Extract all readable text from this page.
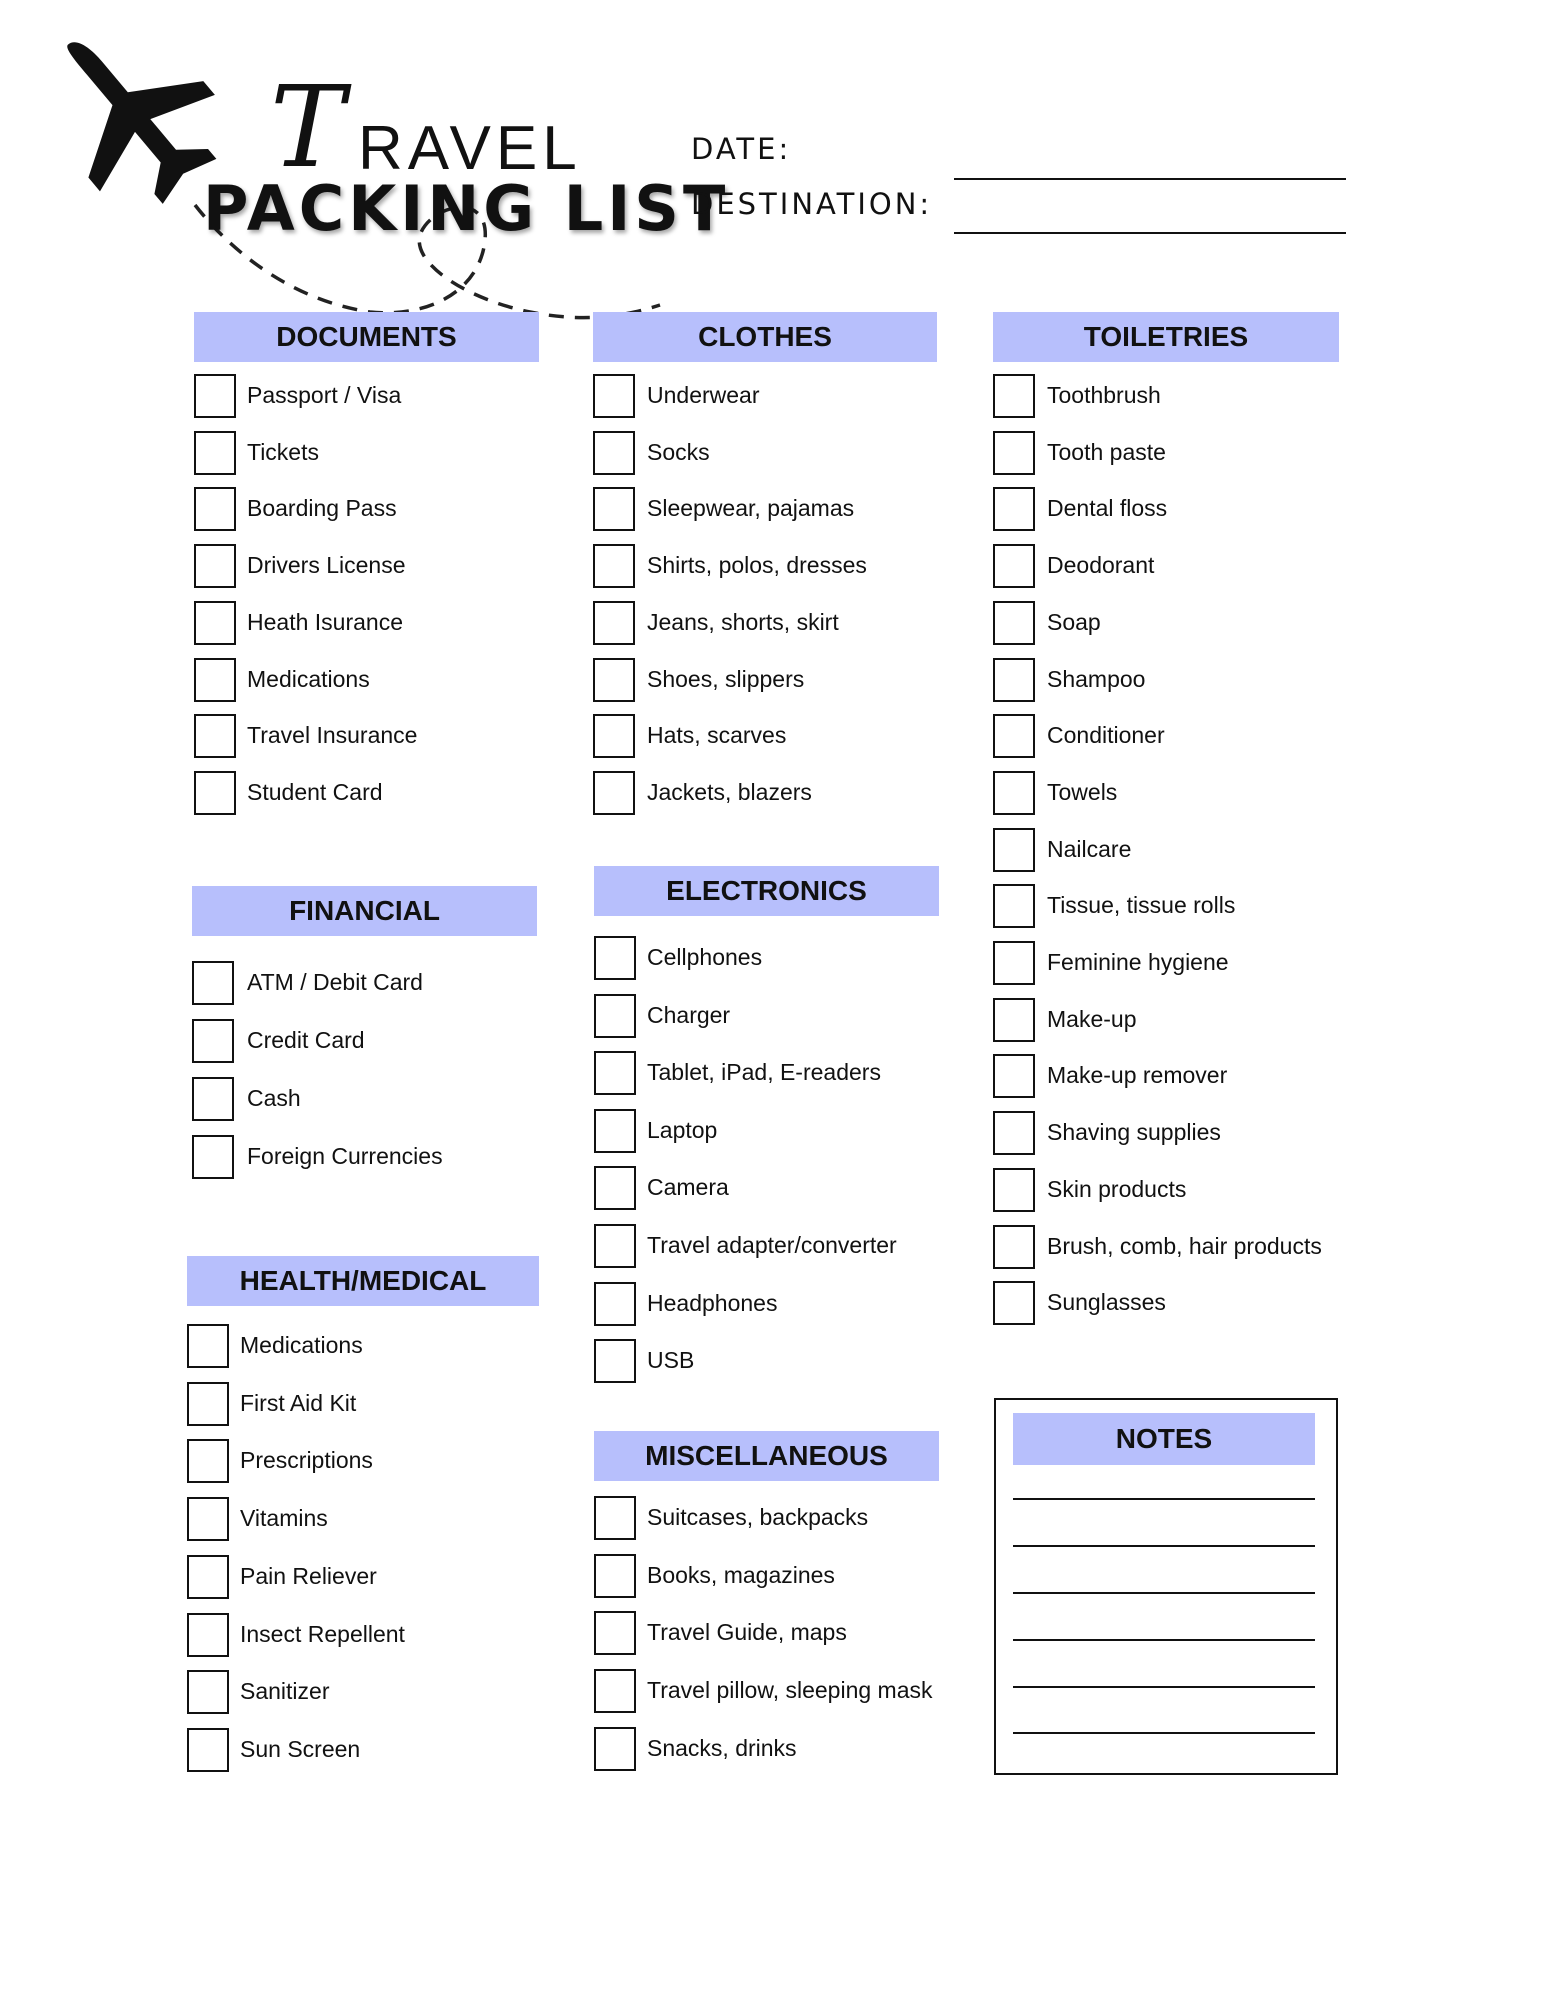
T RAVEL
PACKING LIST
DATE:
DESTINATION:
DOCUMENTS
Passport / Visa
Tickets
Boarding Pass
Drivers License
Heath Isurance
Medications
Travel Insurance
Student Card
FINANCIAL
ATM / Debit Card
Credit Card
Cash
Foreign Currencies
HEALTH/MEDICAL
Medications
First Aid Kit
Prescriptions
Vitamins
Pain Reliever
Insect Repellent
Sanitizer
Sun Screen
CLOTHES
Underwear
Socks
Sleepwear, pajamas
Shirts, polos, dresses
Jeans, shorts, skirt
Shoes, slippers
Hats, scarves
Jackets, blazers
ELECTRONICS
Cellphones
Charger
Tablet, iPad, E-readers
Laptop
Camera
Travel adapter/converter
Headphones
USB
MISCELLANEOUS
Suitcases, backpacks
Books, magazines
Travel Guide, maps
Travel pillow, sleeping mask
Snacks, drinks
TOILETRIES
Toothbrush
Tooth paste
Dental floss
Deodorant
Soap
Shampoo
Conditioner
Towels
Nailcare
Tissue, tissue rolls
Feminine hygiene
Make-up
Make-up remover
Shaving supplies
Skin products
Brush, comb, hair products
Sunglasses
NOTES
